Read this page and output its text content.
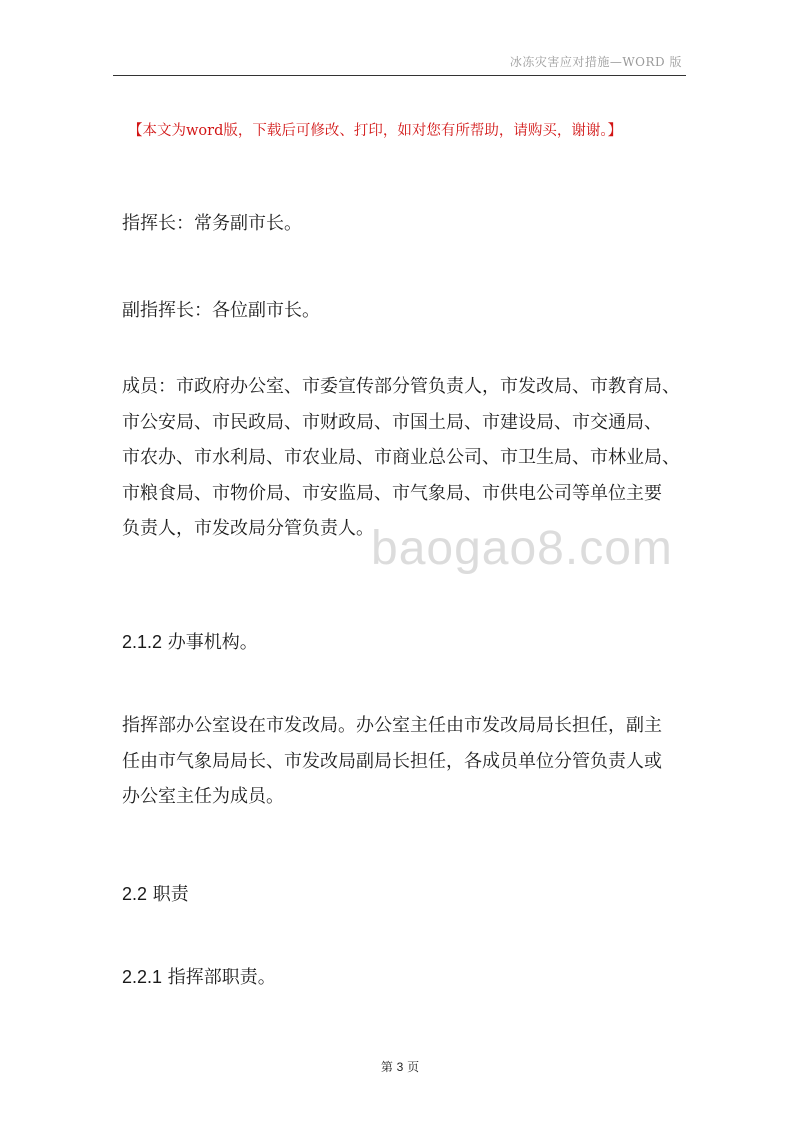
冰冻灾害应对措施—WORD 版
【本文为word版，下载后可修改、打印，如对您有所帮助，请购买，谢谢。】

指挥长：常务副市长。

副指挥长：各位副市长。

成员：市政府办公室、市委宣传部分管负责人，市发改局、市教育局、
市公安局、市民政局、市财政局、市国土局、市建设局、市交通局、
市农办、市水利局、市农业局、市商业总公司、市卫生局、市林业局、
市粮食局、市物价局、市安监局、市气象局、市供电公司等单位主要
负责人，市发改局分管负责人。

baogao8.com

2.1.2 办事机构。

指挥部办公室设在市发改局。办公室主任由市发改局局长担任，副主
任由市气象局局长、市发改局副局长担任，各成员单位分管负责人或
办公室主任为成员。

2.2 职责

2.2.1 指挥部职责。

第 3 页
